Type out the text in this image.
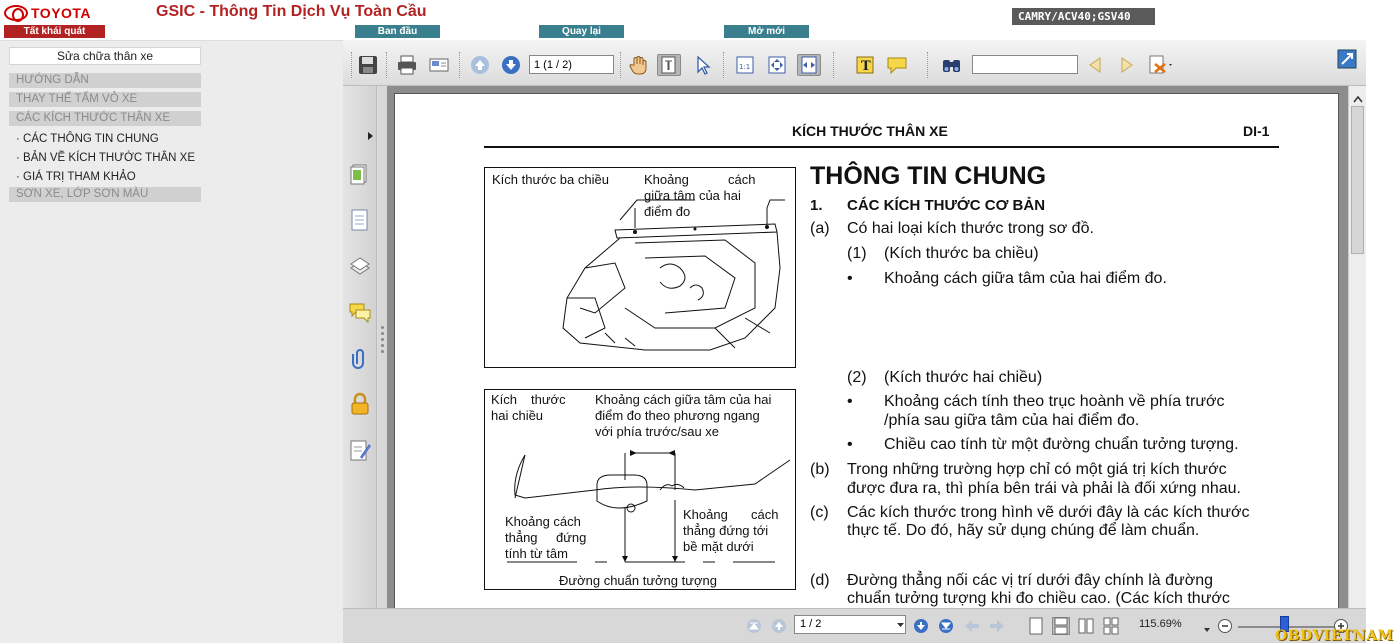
TOYOTA	GSIC - Thông Tin Dịch Vụ Toàn Cầu
Tất khái quát	Ban đầu	Quay lại	Mở mới
CAMRY/ACV40;GSV40
Sửa chữa thân xe
HƯỚNG DẪN
THAY THẾ TẤM VỎ XE
CÁC KÍCH THƯỚC THÂN XE
· CÁC THÔNG TIN CHUNG
· BẢN VẼ KÍCH THƯỚC THÂN XE
· GIÁ TRỊ THAM KHẢO
SƠN XE, LỚP SƠN MÀU
1 (1 / 2)
1:1	T
KÍCH THƯỚC THÂN XE	DI-1
Kích thước ba chiều	Khoảng	cách
giữa tâm của hai
điểm đo
Kích thước
hai chiều
Khoảng cách giữa tâm của hai
điểm đo theo phương ngang
với phía trước/sau xe
Khoảng cách
thẳng đứng
tính từ tâm
Khoảng cách
thẳng đứng tới
bề mặt dưới
Đường chuẩn tưởng tượng
THÔNG TIN CHUNG
1. CÁC KÍCH THƯỚC CƠ BẢN
(a) Có hai loại kích thước trong sơ đồ.
(1) (Kích thước ba chiều)
• Khoảng cách giữa tâm của hai điểm đo.
(2) (Kích thước hai chiều)
• Khoảng cách tính theo trục hoành về phía trước
/phía sau giữa tâm của hai điểm đo.
• Chiều cao tính từ một đường chuẩn tưởng tượng.
(b) Trong những trường hợp chỉ có một giá trị kích thước
được đưa ra, thì phía bên trái và phải là đối xứng nhau.
(c) Các kích thước trong hình vẽ dưới đây là các kích thước
thực tế. Do đó, hãy sử dụng chúng để làm chuẩn.
(d) Đường thẳng nối các vị trí dưới đây chính là đường
chuẩn tưởng tượng khi đo chiều cao. (Các kích thước
1 / 2	115.69%
OBDVIETNAM
